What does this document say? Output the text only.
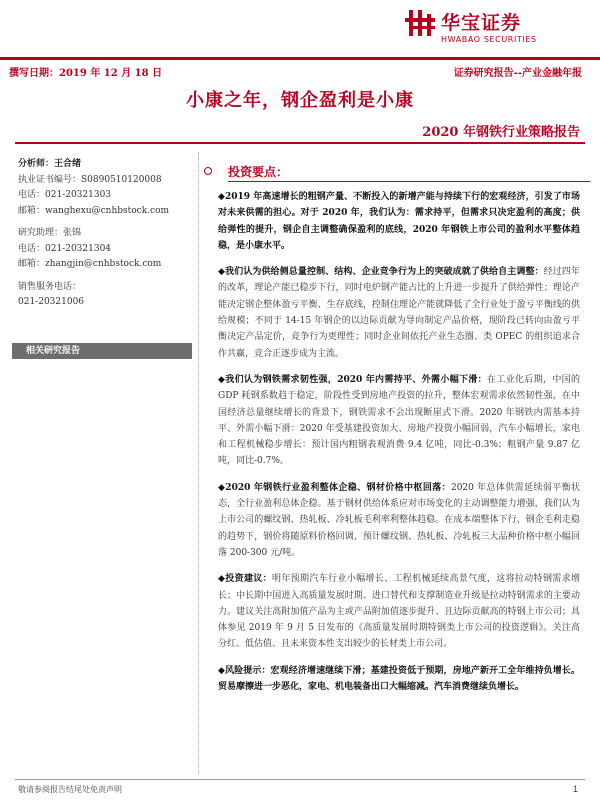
华宝证券
HWABAO SECURITIES
撰写日期：2019 年 12 月 18 日	证券研究报告--产业金融年报
小康之年，钢企盈利是小康
2020 年钢铁行业策略报告
分析师：王合绪
执业证书编号：S0890510120008
电话：021-20321303
邮箱：wanghexu@cnhbstock.com
研究助理：张锦
电话：021-20321304
邮箱：zhangjin@cnhbstock.com
销售服务电话：
021-20321006
相关研究报告
投资要点：

◆2019 年高速增长的粗钢产量、不断投入的新增产能与持续下行的宏观经济，引发了市场对未来供需的担心。对于 2020 年，我们认为：需求持平，但需求只决定盈利的高度；供给弹性的提升，钢企自主调整确保盈利的底线，2020 年钢铁上市公司的盈利水平整体趋稳，是小康水平。

◆我们认为供给侧总量控制、结构、企业竞争行为上的突破成就了供给自主调整：经过四年的改革，理论产能已稳步下行，同时电炉钢产能占比的上升进一步提升了供给弹性；理论产能决定钢企整体盈亏平衡、生存底线，控制住理论产能就降低了全行业处于盈亏平衡线的供给规模；不同于 14-15 年钢企的以边际贡献为导向制定产品价格，现阶段已转向由盈亏平衡决定产品定价，竞争行为更理性；同时企业间依托产业生态圈、类 OPEC 的组织追求合作共赢，竞合正逐步成为主流。

◆我们认为钢铁需求韧性强，2020 年内需持平、外需小幅下滑：在工业化后期，中国的 GDP 耗钢系数趋于稳定，阶段性受到房地产投资的拉升，整体宏观需求依然韧性强，在中国经济总量继续增长的背景下，钢铁需求不会出现断崖式下滑。2020 年钢铁内需基本持平、外需小幅下滑：2020 年受基建投资加大、房地产投资小幅回弱，汽车小幅增长，家电和工程机械稳步增长：预计国内粗钢表观消费 9.4 亿吨，同比-0.3%；粗钢产量 9.87 亿吨，同比-0.7%。

◆2020 年钢铁行业盈利整体企稳、钢材价格中枢回落：2020 年总体供需延续弱平衡状态，全行业盈利总体企稳。基于钢材供给体系应对市场变化的主动调整能力增强，我们认为上市公司的螺纹钢、热轧板、冷轧板毛利率利整体趋稳。在成本端整体下行、钢企毛利走稳的趋势下，钢价将随原料价格回调，预计螺纹钢、热轧板、冷轧板三大品种价格中枢小幅回落 200-300 元/吨。

◆投资建议：明年预期汽车行业小幅增长、工程机械延续高景气度，这将拉动特钢需求增长；中长期中国进入高质量发展时期、进口替代和支撑制造业升级是拉动特钢需求的主要动力。建议关注高附加值产品为主或产品附加值逐步提升、且边际贡献高的特钢上市公司；具体参见 2019 年 9 月 5 日发布的《高质量发展时期特钢类上市公司的投资逻辑》。关注高分红、低估值、且未来资本性支出较少的长材类上市公司。

◆风险提示：宏观经济增速继续下滑；基建投资低于预期，房地产新开工全年维持负增长。贸易摩擦进一步恶化，家电、机电装备出口大幅缩减。汽车消费继续负增长。

敬请参阅报告结尾处免责声明	1
